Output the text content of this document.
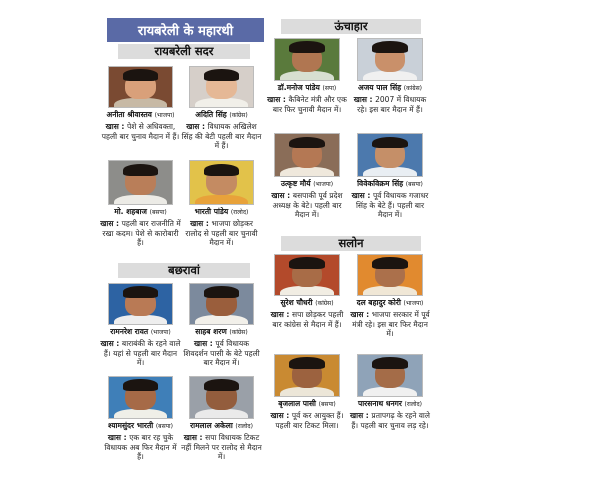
रायबरेली के महारथी
रायबरेली सदर
बछरावां
ऊंचाहार
सलोन
अनीता श्रीवास्तव (भाजपा)
खास : पेशे से अधिवक्ता, पहली बार चुनाव मैदान में हैं।
अदिति सिंह (कांग्रेस)
खास : विधायक अखिलेश सिंह की बेटी पहली बार मैदान में हैं।
मो. शहबाज (बसपा)
खास : पहली बार राजनीति में रखा कदम। पेशे से कारोबारी हैं।
भारती पांडेय (रालोद)
खास : भाजपा छोड़कर रालोद से पहली बार चुनावी मैदान में।
रामनरेश रावत (भाजपा)
खास : बाराबंकी के रहने वाले हैं। यहां से पहली बार मैदान में।
साहब शरण (कांग्रेस)
खास : पूर्व विधायक शिवदर्शन पासी के बेटे पहली बार मैदान में।
श्यामसुंदर भारती (बसपा)
खास : एक बार रह चुके विधायक अब फिर मैदान में हैं।
रामलाल अकेला (रालोद)
खास : सपा विधायक टिकट नहीं मिलने पर रालोद से मैदान में।
डॉ.मनोज पांडेय (सपा)
खास : कैबिनेट मंत्री और एक बार फिर चुनावी मैदान में।
अजय पाल सिंह (कांग्रेस)
खास : 2007 में विधायक रहे। इस बार मैदान में हैं।
उत्कृष्ट मौर्य (भाजपा)
खास : बसपाकी पूर्व प्रदेश अध्यक्ष के बेटे। पहली बार मैदान में।
विवेकविक्रम सिंह (बसपा)
खास : पूर्व विधायक गजाधर सिंह के बेटे हैं। पहली बार मैदान में।
सुरेश चौधरी (कांग्रेस)
खास : सपा छोड़कर पहली बार कांग्रेस से मैदान में हैं।
दल बहादुर कोरी (भाजपा)
खास : भाजपा सरकार में पूर्व मंत्री रहे। इस बार फिर मैदान में।
बृजलाल पासी (बसपा)
खास : पूर्व कर आयुक्त हैं। पहली बार टिकट मिला।
पारसनाथ धनगर (रालोद)
खास : प्रतापगढ़ के रहने वाले हैं। पहली बार चुनाव लड़ रहे।
